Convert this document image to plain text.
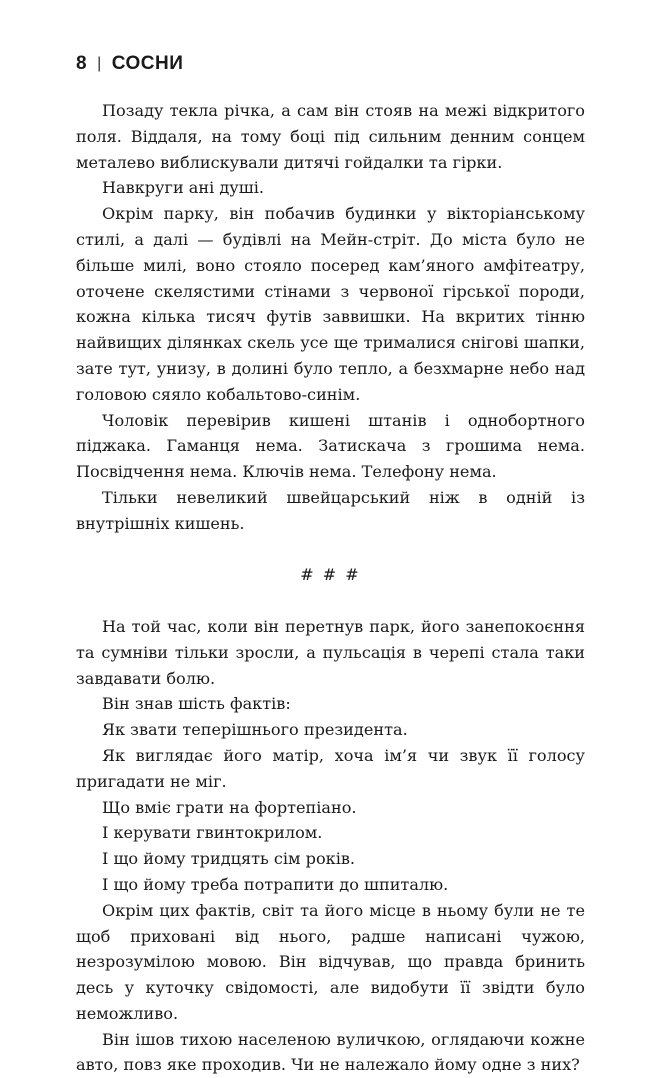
8 | СОСНИ

Позаду текла річка, а сам він стояв на межі відкритого поля. Віддаля, на тому боці під сильним денним сонцем металево виблискували дитячі гойдалки та гірки.

Навкруги ані душі.

Окрім парку, він побачив будинки у вікторіанському стилі, а далі — будівлі на Мейн-стріт. До міста було не більше милі, воно стояло посеред кам’яного амфітеатру, оточене скелястими стінами з червоної гірської породи, кожна кілька тисяч футів заввишки. На вкритих тінню найвищих ділянках скель усе ще трималися снігові шапки, зате тут, унизу, в долині було тепло, а безхмарне небо над головою сяяло кобальтово-синім.

Чоловік перевірив кишені штанів і однобортного піджака. Гаманця нема. Затискача з грошима нема. Посвідчення нема. Ключів нема. Телефону нема.

Тільки невеликий швейцарський ніж в одній із внутрішніх кишень.

# # #

На той час, коли він перетнув парк, його занепокоєння та сумніви тільки зросли, а пульсація в черепі стала таки завдавати болю.

Він знав шість фактів:

Як звати теперішнього президента.

Як виглядає його матір, хоча ім’я чи звук її голосу пригадати не міг.

Що вміє грати на фортепіано.

І керувати гвинтокрилом.

І що йому тридцять сім років.

І що йому треба потрапити до шпиталю.

Окрім цих фактів, світ та його місце в ньому були не те щоб приховані від нього, радше написані чужою, незрозумілою мовою. Він відчував, що правда бринить десь у куточку свідомості, але видобути її звідти було неможливо.

Він ішов тихою населеною вуличкою, оглядаючи кожне авто, повз яке проходив. Чи не належало йому одне з них?
